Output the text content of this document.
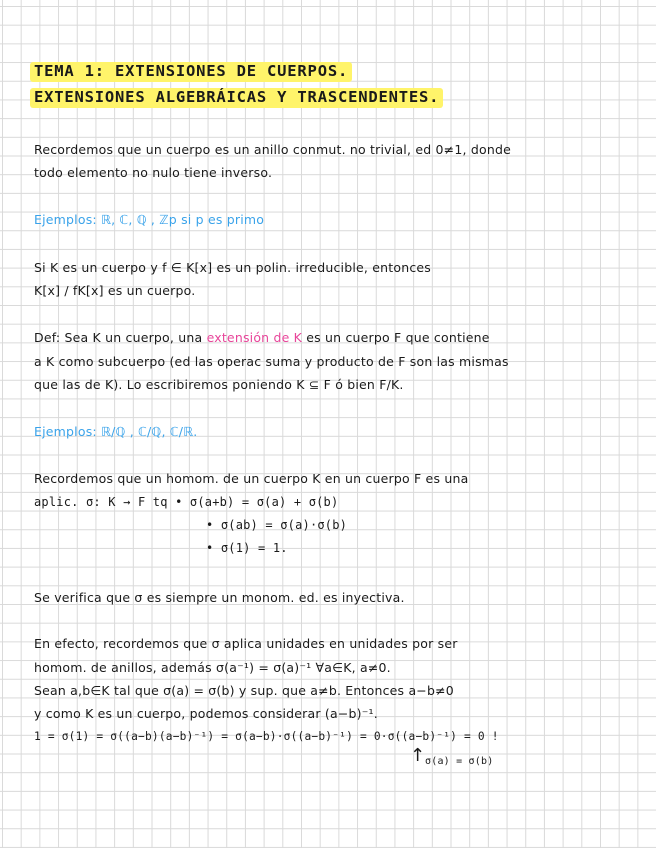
TEMA 1: EXTENSIONES DE CUERPOS.
EXTENSIONES ALGEBRÁICAS Y TRASCENDENTES.
Recordemos que un cuerpo es un anillo conmut. no trivial, ed 0≠1, donde
todo elemento no nulo tiene inverso.
Ejemplos: ℝ, ℂ, ℚ , ℤp si p es primo
Si K es un cuerpo y f ∈ K[x] es un polin. irreducible, entonces
K[x] / fK[x] es un cuerpo.
Def: Sea K un cuerpo, una extensión de K es un cuerpo F que contiene
a K como subcuerpo (ed las operac suma y producto de F son las mismas
que las de K). Lo escribiremos poniendo K ⊆ F ó bien F/K.
Ejemplos: ℝ/ℚ , ℂ/ℚ, ℂ/ℝ.
Recordemos que un homom. de un cuerpo K en un cuerpo F es una
aplic. σ: K → F tq • σ(a+b) = σ(a) + σ(b)
• σ(ab) = σ(a)·σ(b)
• σ(1) = 1.
Se verifica que σ es siempre un monom. ed. es inyectiva.
En efecto, recordemos que σ aplica unidades en unidades por ser
homom. de anillos, además σ(a⁻¹) = σ(a)⁻¹ ∀a∈K, a≠0.
Sean a,b∈K tal que σ(a) = σ(b) y sup. que a≠b. Entonces a−b≠0
y como K es un cuerpo, podemos considerar (a−b)⁻¹.
1 = σ(1) = σ((a−b)(a−b)⁻¹) = σ(a−b)·σ((a−b)⁻¹) = 0·σ((a−b)⁻¹) = 0 !
↑ σ(a) = σ(b)
